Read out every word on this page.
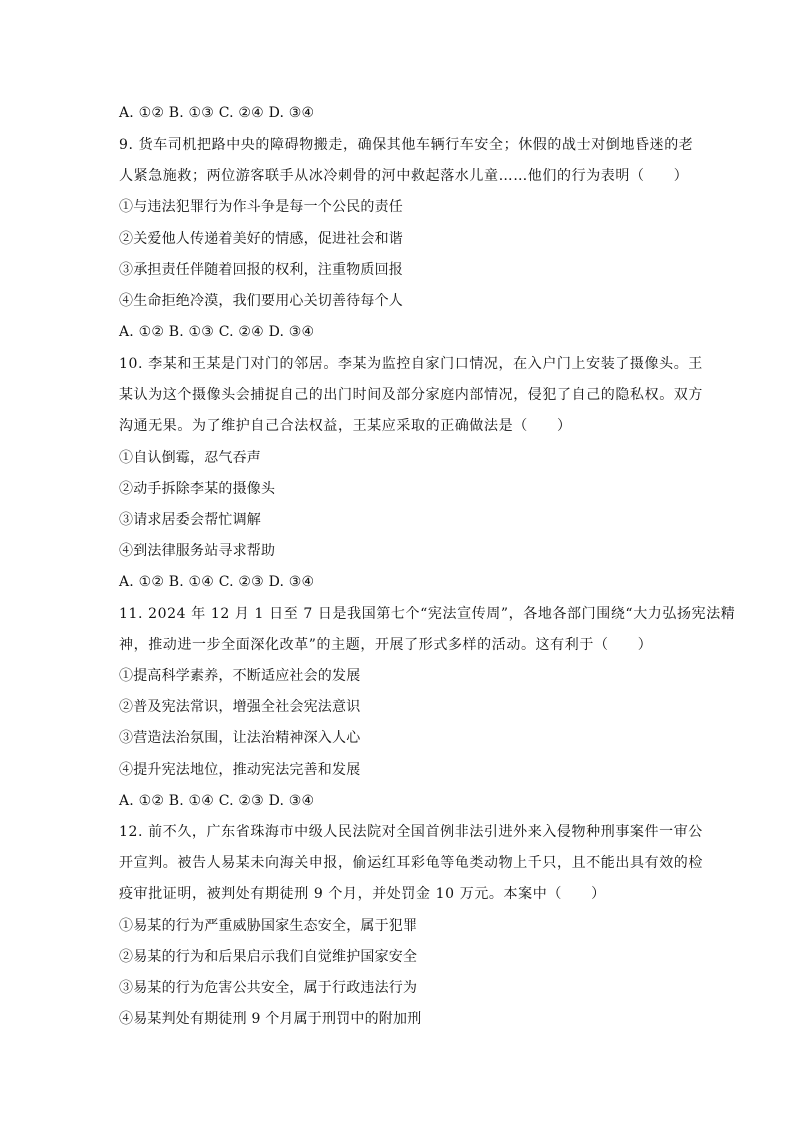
A. ①② B. ①③ C. ②④ D. ③④
9. 货车司机把路中央的障碍物搬走，确保其他车辆行车安全；休假的战士对倒地昏迷的老
人紧急施救；两位游客联手从冰冷刺骨的河中救起落水儿童……他们的行为表明（　　）
①与违法犯罪行为作斗争是每一个公民的责任
②关爱他人传递着美好的情感，促进社会和谐
③承担责任伴随着回报的权利，注重物质回报
④生命拒绝冷漠，我们要用心关切善待每个人
A. ①② B. ①③ C. ②④ D. ③④
10. 李某和王某是门对门的邻居。李某为监控自家门口情况，在入户门上安装了摄像头。王
某认为这个摄像头会捕捉自己的出门时间及部分家庭内部情况，侵犯了自己的隐私权。双方
沟通无果。为了维护自己合法权益，王某应采取的正确做法是（　　）
①自认倒霉，忍气吞声
②动手拆除李某的摄像头
③请求居委会帮忙调解
④到法律服务站寻求帮助
A. ①② B. ①④ C. ②③ D. ③④
11. 2024 年 12 月 1 日至 7 日是我国第七个“宪法宣传周”，各地各部门围绕“大力弘扬宪法精
神，推动进一步全面深化改革”的主题，开展了形式多样的活动。这有利于（　　）
①提高科学素养，不断适应社会的发展
②普及宪法常识，增强全社会宪法意识
③营造法治氛围，让法治精神深入人心
④提升宪法地位，推动宪法完善和发展
A. ①② B. ①④ C. ②③ D. ③④
12. 前不久，广东省珠海市中级人民法院对全国首例非法引进外来入侵物种刑事案件一审公
开宣判。被告人易某未向海关申报，偷运红耳彩龟等龟类动物上千只，且不能出具有效的检
疫审批证明，被判处有期徒刑 9 个月，并处罚金 10 万元。本案中（　　）
①易某的行为严重威胁国家生态安全，属于犯罪
②易某的行为和后果启示我们自觉维护国家安全
③易某的行为危害公共安全，属于行政违法行为
④易某判处有期徒刑 9 个月属于刑罚中的附加刑
